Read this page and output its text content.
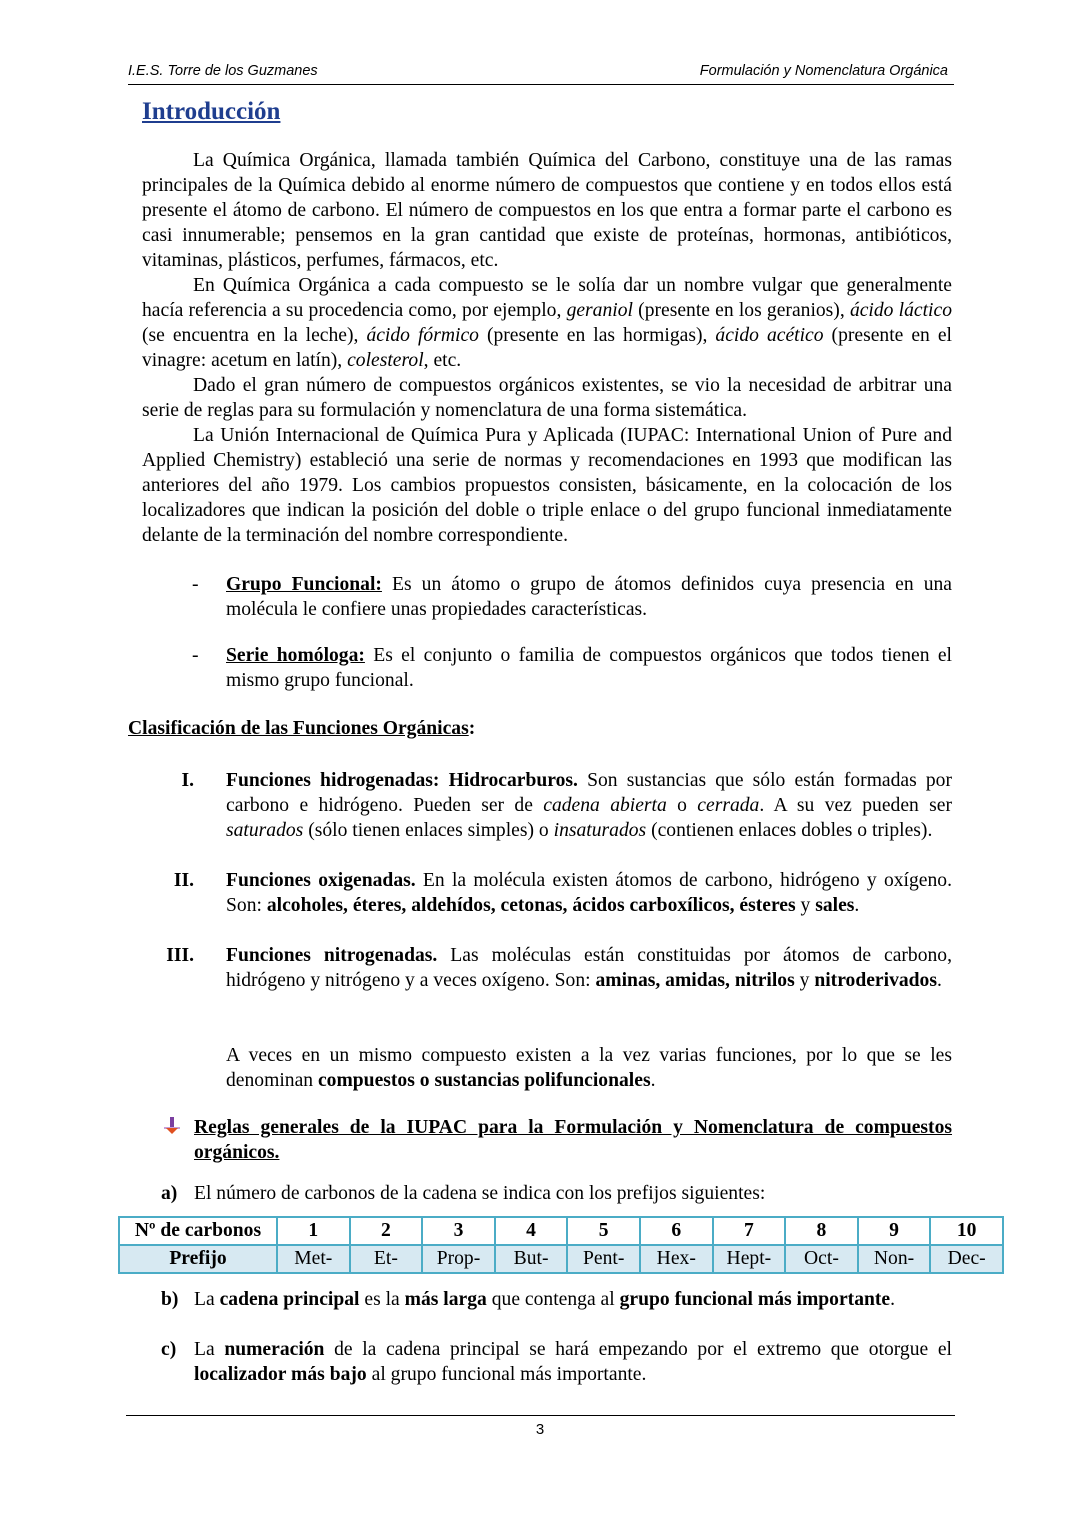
I.E.S. Torre de los Guzmanes	Formulación y Nomenclatura Orgánica
Introducción

La Química Orgánica, llamada también Química del Carbono, constituye una de las ramas principales de la Química debido al enorme número de compuestos que contiene y en todos ellos está presente el átomo de carbono. El número de compuestos en los que entra a formar parte el carbono es casi innumerable; pensemos en la gran cantidad que existe de proteínas, hormonas, antibióticos, vitaminas, plásticos, perfumes, fármacos, etc.

En Química Orgánica a cada compuesto se le solía dar un nombre vulgar que generalmente hacía referencia a su procedencia como, por ejemplo, geraniol (presente en los geranios), ácido láctico (se encuentra en la leche), ácido fórmico (presente en las hormigas), ácido acético (presente en el vinagre: acetum en latín), colesterol, etc.

Dado el gran número de compuestos orgánicos existentes, se vio la necesidad de arbitrar una serie de reglas para su formulación y nomenclatura de una forma sistemática.

La Unión Internacional de Química Pura y Aplicada (IUPAC: International Union of Pure and Applied Chemistry) estableció una serie de normas y recomendaciones en 1993 que modifican las anteriores del año 1979. Los cambios propuestos consisten, básicamente, en la colocación de los localizadores que indican la posición del doble o triple enlace o del grupo funcional inmediatamente delante de la terminación del nombre correspondiente.

- Grupo Funcional: Es un átomo o grupo de átomos definidos cuya presencia en una molécula le confiere unas propiedades características.
- Serie homóloga: Es el conjunto o familia de compuestos orgánicos que todos tienen el mismo grupo funcional.
Clasificación de las Funciones Orgánicas:
I. Funciones hidrogenadas: Hidrocarburos. Son sustancias que sólo están formadas por carbono e hidrógeno. Pueden ser de cadena abierta o cerrada. A su vez pueden ser saturados (sólo tienen enlaces simples) o insaturados (contienen enlaces dobles o triples).
II. Funciones oxigenadas. En la molécula existen átomos de carbono, hidrógeno y oxígeno. Son: alcoholes, éteres, aldehídos, cetonas, ácidos carboxílicos, ésteres y sales.
III. Funciones nitrogenadas. Las moléculas están constituidas por átomos de carbono, hidrógeno y nitrógeno y a veces oxígeno. Son: aminas, amidas, nitrilos y nitroderivados.
A veces en un mismo compuesto existen a la vez varias funciones, por lo que se les denominan compuestos o sustancias polifuncionales.
Reglas generales de la IUPAC para la Formulación y Nomenclatura de compuestos orgánicos.
a) El número de carbonos de la cadena se indica con los prefijos siguientes:
Nº de carbonos	1	2	3	4	5	6	7	8	9	10
Prefijo	Met-	Et-	Prop-	But-	Pent-	Hex-	Hept-	Oct-	Non-	Dec-
b) La cadena principal es la más larga que contenga al grupo funcional más importante.
c) La numeración de la cadena principal se hará empezando por el extremo que otorgue el localizador más bajo al grupo funcional más importante.
3
